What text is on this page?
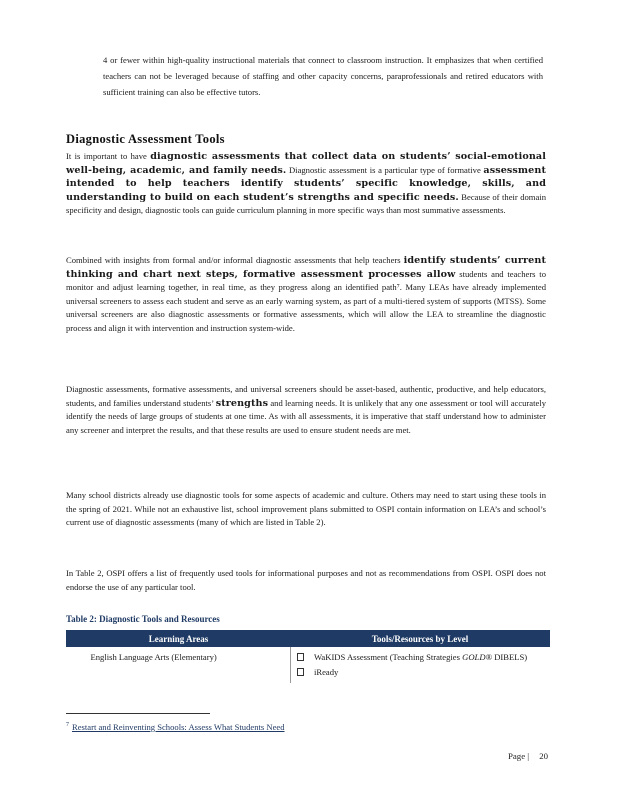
4 or fewer within high-quality instructional materials that connect to classroom instruction. It emphasizes that when certified teachers can not be leveraged because of staffing and other capacity concerns, paraprofessionals and retired educators with sufficient training can also be effective tutors.

Diagnostic Assessment Tools

It is important to have diagnostic assessments that collect data on students’ social-emotional well-being, academic, and family needs. Diagnostic assessment is a particular type of formative assessment intended to help teachers identify students’ specific knowledge, skills, and understanding to build on each student’s strengths and specific needs. Because of their domain specificity and design, diagnostic tools can guide curriculum planning in more specific ways than most summative assessments.

Combined with insights from formal and/or informal diagnostic assessments that help teachers identify students’ current thinking and chart next steps, formative assessment processes allow students and teachers to monitor and adjust learning together, in real time, as they progress along an identified path⁷. Many LEAs have already implemented universal screeners to assess each student and serve as an early warning system, as part of a multi-tiered system of supports (MTSS). Some universal screeners are also diagnostic assessments or formative assessments, which will allow the LEA to streamline the diagnostic process and align it with intervention and instruction system-wide.

Diagnostic assessments, formative assessments, and universal screeners should be asset-based, authentic, productive, and help educators, students, and families understand students’ strengths and learning needs. It is unlikely that any one assessment or tool will accurately identify the needs of large groups of students at one time. As with all assessments, it is imperative that staff understand how to administer any screener and interpret the results, and that these results are used to ensure student needs are met.

Many school districts already use diagnostic tools for some aspects of academic and culture. Others may need to start using these tools in the spring of 2021. While not an exhaustive list, school improvement plans submitted to OSPI contain information on LEA’s and school’s current use of diagnostic assessments (many of which are listed in Table 2).

In Table 2, OSPI offers a list of frequently used tools for informational purposes and not as recommendations from OSPI. OSPI does not endorse the use of any particular tool.

Table 2: Diagnostic Tools and Resources
Learning Areas	Tools/Resources by Level
English Language Arts (Elementary)	WaKIDS Assessment (Teaching Strategies GOLD® DIBELS)
iReady
$^7$ Restart and Reinventing Schools: Assess What Students Need
Page | 20
